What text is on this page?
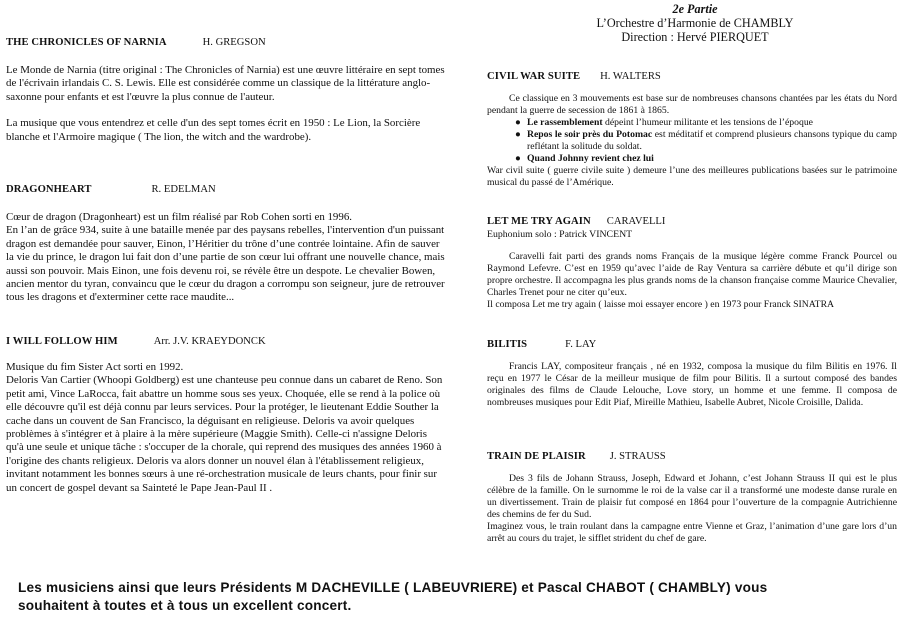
2e Partie
L’Orchestre d’Harmonie de CHAMBLY
Direction : Hervé PIERQUET
THE CHRONICLES OF NARNIA	H. GREGSON

Le Monde de Narnia (titre original : The Chronicles of Narnia) est une œuvre littéraire en sept tomes de l'écrivain irlandais C. S. Lewis. Elle est considérée comme un classique de la littérature anglo-saxonne pour enfants et est l'œuvre la plus connue de l'auteur.

La musique que vous entendrez et celle d'un des sept tomes écrit en 1950 : Le Lion, la Sorcière blanche et l'Armoire magique ( The lion, the witch and the wardrobe).

DRAGONHEART	R. EDELMAN

Cœur de dragon (Dragonheart) est un film réalisé par Rob Cohen sorti en 1996.

En l’an de grâce 934, suite à une bataille menée par des paysans rebelles, l'intervention d'un puissant dragon est demandée pour sauver, Einon, l’Héritier du trône d’une contrée lointaine. Afin de sauver la vie du prince, le dragon lui fait don d’une partie de son cœur lui offrant une nouvelle chance, mais aussi son pouvoir. Mais Einon, une fois devenu roi, se révèle être un despote. Le chevalier Bowen, ancien mentor du tyran, convaincu que le cœur du dragon a corrompu son seigneur, jure de retrouver tous les dragons et d'exterminer cette race maudite...

I WILL FOLLOW HIM	Arr. J.V. KRAEYDONCK

Musique du fim Sister Act sorti en 1992.

Deloris Van Cartier (Whoopi Goldberg) est une chanteuse peu connue dans un cabaret de Reno. Son petit ami, Vince LaRocca, fait abattre un homme sous ses yeux. Choquée, elle se rend à la police où elle découvre qu'il est déjà connu par leurs services. Pour la protéger, le lieutenant Eddie Souther la cache dans un couvent de San Francisco, la déguisant en religieuse. Deloris va avoir quelques problèmes à s'intégrer et à plaire à la mère supérieure (Maggie Smith). Celle-ci n'assigne Deloris qu'à une seule et unique tâche : s'occuper de la chorale, qui reprend des musiques des années 1960 à l'origine des chants religieux. Deloris va alors donner un nouvel élan à l'établissement religieux, invitant notamment les bonnes sœurs à une ré-orchestration musicale de leurs chants, pour finir sur un concert de gospel devant sa Sainteté le Pape Jean-Paul II .

CIVIL WAR SUITE H. WALTERS

Ce classique en 3 mouvements est base sur de nombreuses chansons chantées par les états du Nord pendant la guerre de secession de 1861 à 1865.

● Le rassemblement dépeint l’humeur militante et les tensions de l’époque
● Repos le soir près du Potomac est méditatif et comprend plusieurs chansons typique du camp reflétant la solitude du soldat.
● Quand Johnny revient chez lui

War civil suite ( guerre civile suite ) demeure l’une des meilleures publications basées sur le patrimoine musical du passé de l’Amérique.

LET ME TRY AGAIN CARAVELLI
Euphonium solo : Patrick VINCENT

Caravelli fait parti des grands noms Français de la musique légère comme Franck Pourcel ou Raymond Lefevre. C’est en 1959 qu’avec l’aide de Ray Ventura sa carrière débute et qu’il dirige son propre orchestre. Il accompagna les plus grands noms de la chanson française comme Maurice Chevalier, Charles Trenet pour ne citer qu’eux.

Il composa Let me try again ( laisse moi essayer encore ) en 1973 pour Franck SINATRA

BILITIS	F. LAY

Francis LAY, compositeur français , né en 1932, composa la musique du film Bilitis en 1976. Il reçu en 1977 le César de la meilleur musique de film pour Bilitis. Il a surtout composé des bandes originales des films de Claude Lelouche, Love story, un homme et une femme. Il composa de nombreuses musiques pour Edit Piaf, Mireille Mathieu, Isabelle Aubret, Nicole Croisille, Dalida.

TRAIN DE PLAISIR J. STRAUSS

Des 3 fils de Johann Strauss, Joseph, Edward et Johann, c’est Johann Strauss II qui est le plus célèbre de la famille. On le surnomme le roi de la valse car il a transformé une modeste danse rurale en un divertissement. Train de plaisir fut composé en 1864 pour l’ouverture de la compagnie Autrichienne des chemins de fer du Sud.

Imaginez vous, le train roulant dans la campagne entre Vienne et Graz, l’animation d’une gare lors d’un arrêt au cours du trajet, le sifflet strident du chef de gare.

Les musiciens ainsi que leurs Présidents M DACHEVILLE ( LABEUVRIERE) et Pascal CHABOT ( CHAMBLY) vous
souhaitent à toutes et à tous un excellent concert.
